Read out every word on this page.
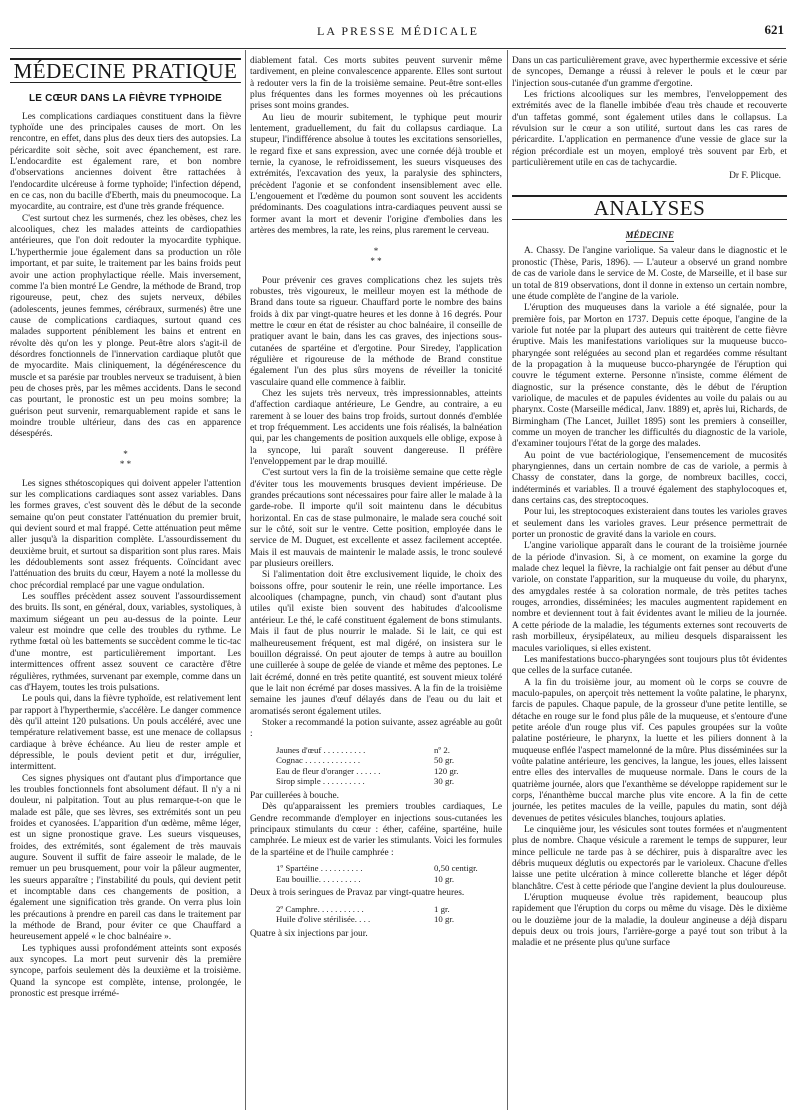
LA PRESSE MÉDICALE	621
MÉDECINE PRATIQUE
LE CŒUR DANS LA FIÈVRE TYPHOIDE

Les complications cardiaques constituent dans la fièvre typhoïde une des principales causes de mort. On les rencontre, en effet, dans plus des deux tiers des autopsies. La péricardite soit sèche, soit avec épanchement, est rare. L'endocardite est également rare, et bon nombre d'observations anciennes doivent être rattachées à l'endocardite ulcéreuse à forme typhoïde; l'infection dépend, en ce cas, non du bacille d'Eberth, mais du pneumocoque. La myocardite, au contraire, est d'une très grande fréquence.

C'est surtout chez les surmenés, chez les obèses, chez les alcooliques, chez les malades atteints de cardiopathies antérieures, que l'on doit redouter la myocardite typhique. L'hyperthermie joue également dans sa production un rôle important, et par suite, le traitement par les bains froids peut avoir une action prophylactique réelle. Mais inversement, comme l'a bien montré Le Gendre, la méthode de Brand, trop rigoureuse, peut, chez des sujets nerveux, débiles (adolescents, jeunes femmes, cérébraux, surmenés) être une cause de complications cardiaques, surtout quand ces malades supportent péniblement les bains et entrent en révolte dès qu'on les y plonge. Peut-être alors s'agit-il de désordres fonctionnels de l'innervation cardiaque plutôt que de myocardite. Mais cliniquement, la dégénérescence du muscle et sa parésie par troubles nerveux se traduisent, à bien peu de choses près, par les mêmes accidents. Dans le second cas pourtant, le pronostic est un peu moins sombre; la guérison peut survenir, remarquablement rapide et sans le moindre trouble ultérieur, dans des cas en apparence désespérés.

*
* *

Les signes sthétoscopiques qui doivent appeler l'attention sur les complications cardiaques sont assez variables. Dans les formes graves, c'est souvent dès le début de la seconde semaine qu'on peut constater l'atténuation du premier bruit, qui devient sourd et mal frappé. Cette atténuation peut même aller jusqu'à la disparition complète. L'assourdissement du deuxième bruit, et surtout sa disparition sont plus rares. Mais les dédoublements sont assez fréquents. Coïncidant avec l'atténuation des bruits du cœur, Hayem a noté la mollesse du choc précordial remplacé par une vague ondulation.

Les souffles précèdent assez souvent l'assourdissement des bruits. Ils sont, en général, doux, variables, systoliques, à maximum siégeant un peu au-dessus de la pointe. Leur valeur est moindre que celle des troubles du rythme. Le rythme fœtal où les battements se succèdent comme le tic-tac d'une montre, est particulièrement important. Les intermittences offrent assez souvent ce caractère d'être régulières, rythmées, survenant par exemple, comme dans un cas d'Hayem, toutes les trois pulsations.

Le pouls qui, dans la fièvre typhoïde, est relativement lent par rapport à l'hyperthermie, s'accélère. Le danger commence dès qu'il atteint 120 pulsations. Un pouls accéléré, avec une température relativement basse, est une menace de collapsus cardiaque à brève échéance. Au lieu de rester ample et dépressible, le pouls devient petit et dur, irrégulier, intermittent.

Ces signes physiques ont d'autant plus d'importance que les troubles fonctionnels font absolument défaut. Il n'y a ni douleur, ni palpitation. Tout au plus remarque-t-on que le malade est pâle, que ses lèvres, ses extrémités sont un peu froides et cyanosées. L'apparition d'un œdème, même léger, est un signe pronostique grave. Les sueurs visqueuses, froides, des extrémités, sont également de très mauvais augure. Souvent il suffit de faire asseoir le malade, de le remuer un peu brusquement, pour voir la pâleur augmenter, les sueurs apparaître ; l'instabilité du pouls, qui devient petit et incomptable dans ces changements de position, a également une signification très grande. On verra plus loin les précautions à prendre en pareil cas dans le traitement par la méthode de Brand, pour éviter ce que Chauffard a heureusement appelé « le choc balnéaire ».

Les typhiques aussi profondément atteints sont exposés aux syncopes. La mort peut survenir dès la première syncope, parfois seulement dès la deuxième et la troisième. Quand la syncope est complète, intense, prolongée, le pronostic est presque irrémé-

diablement fatal. Ces morts subites peuvent survenir même tardivement, en pleine convalescence apparente. Elles sont surtout à redouter vers la fin de la troisième semaine. Peut-être sont-elles plus fréquentes dans les formes moyennes où les précautions prises sont moins grandes.

Au lieu de mourir subitement, le typhique peut mourir lentement, graduellement, du fait du collapsus cardiaque. La stupeur, l'indifférence absolue à toutes les excitations sensorielles, le regard fixe et sans expression, avec une cornée déjà trouble et ternie, la cyanose, le refroidissement, les sueurs visqueuses des extrémités, l'excavation des yeux, la paralysie des sphincters, précèdent l'agonie et se confondent insensiblement avec elle. L'engouement et l'œdème du poumon sont souvent les accidents prédominants. Des coagulations intra-cardiaques peuvent aussi se former avant la mort et devenir l'origine d'embolies dans les artères des membres, la rate, les reins, plus rarement le cerveau.

*
* *

Pour prévenir ces graves complications chez les sujets très robustes, très vigoureux, le meilleur moyen est la méthode de Brand dans toute sa rigueur. Chauffard porte le nombre des bains froids à dix par vingt-quatre heures et les donne à 16 degrés. Pour mettre le cœur en état de résister au choc balnéaire, il conseille de pratiquer avant le bain, dans les cas graves, des injections sous-cutanées de spartéine et d'ergotine. Pour Siredey, l'application régulière et rigoureuse de la méthode de Brand constitue également l'un des plus sûrs moyens de réveiller la tonicité vasculaire quand elle commence à faiblir.

Chez les sujets très nerveux, très impressionnables, atteints d'affection cardiaque antérieure, Le Gendre, au contraire, a eu rarement à se louer des bains trop froids, surtout donnés d'emblée et trop fréquemment. Les accidents une fois réalisés, la balnéation qui, par les changements de position auxquels elle oblige, expose à la syncope, lui paraît souvent dangereuse. Il préfère l'enveloppement par le drap mouillé.

C'est surtout vers la fin de la troisième semaine que cette règle d'éviter tous les mouvements brusques devient impérieuse. De grandes précautions sont nécessaires pour faire aller le malade à la garde-robe. Il importe qu'il soit maintenu dans le décubitus horizontal. En cas de stase pulmonaire, le malade sera couché soit sur le côté, soit sur le ventre. Cette position, employée dans le service de M. Duguet, est excellente et assez facilement acceptée. Mais il est mauvais de maintenir le malade assis, le tronc soulevé par plusieurs oreillers.

Si l'alimentation doit être exclusivement liquide, le choix des boissons offre, pour soutenir le rein, une réelle importance. Les alcooliques (champagne, punch, vin chaud) sont d'autant plus utiles qu'il existe bien souvent des habitudes d'alcoolisme antérieur. Le thé, le café constituent également de bons stimulants. Mais il faut de plus nourrir le malade. Si le lait, ce qui est malheureusement fréquent, est mal digéré, on insistera sur le bouillon dégraissé. On peut ajouter de temps à autre au bouillon une cuillerée à soupe de gelée de viande et même des peptones. Le lait écrémé, donné en très petite quantité, est souvent mieux toléré que le lait non écrémé par doses massives. A la fin de la troisième semaine les jaunes d'œuf délayés dans de l'eau ou du lait et aromatisés seront également utiles.

Stoker a recommandé la potion suivante, assez agréable au goût :

Jaunes d'œuf . . . . . . . . . .	nº 2.
Cognac . . . . . . . . . . . . .	50 gr.
Eau de fleur d'oranger . . . . . .	120 gr.
Sirop simple . . . . . . . . . .	30 gr.

Par cuillerées à bouche.

Dès qu'apparaissent les premiers troubles cardiaques, Le Gendre recommande d'employer en injections sous-cutanées les principaux stimulants du cœur : éther, caféine, spartéine, huile camphrée. Le mieux est de varier les stimulants. Voici les formules de la spartéine et de l'huile camphrée :

1º Spartéine . . . . . . . . . .	0,50 centigr.
Eau bouillie. . . . . . . . . .	10 gr.

Deux à trois seringues de Pravaz par vingt-quatre heures.

2º Camphre. . . . . . . . . . .	1 gr.
Huile d'olive stérilisée. . . .	10 gr.

Quatre à six injections par jour.

Dans un cas particulièrement grave, avec hyperthermie excessive et série de syncopes, Demange a réussi à relever le pouls et le cœur par l'injection sous-cutanée d'un gramme d'ergotine.

Les frictions alcooliques sur les membres, l'enveloppement des extrémités avec de la flanelle imbibée d'eau très chaude et recouverte d'un taffetas gommé, sont également utiles dans le collapsus. La révulsion sur le cœur a son utilité, surtout dans les cas rares de péricardite. L'application en permanence d'une vessie de glace sur la région précordiale est un moyen, employé très souvent par Erb, et particulièrement utile en cas de tachycardie.

Dr F. Plicque.
ANALYSES
MÉDECINE

A. Chassy. De l'angine variolique. Sa valeur dans le diagnostic et le pronostic (Thèse, Paris, 1896). — L'auteur a observé un grand nombre de cas de variole dans le service de M. Coste, de Marseille, et il base sur un total de 819 observations, dont il donne in extenso un certain nombre, une étude complète de l'angine de la variole.

L'éruption des muqueuses dans la variole a été signalée, pour la première fois, par Morton en 1737. Depuis cette époque, l'angine de la variole fut notée par la plupart des auteurs qui traitèrent de cette fièvre éruptive. Mais les manifestations varioliques sur la muqueuse bucco-pharyngée sont reléguées au second plan et regardées comme résultant de la propagation à la muqueuse bucco-pharyngée de l'éruption qui couvre le tégument externe. Personne n'insiste, comme élément de diagnostic, sur la présence constante, dès le début de l'éruption variolique, de macules et de papules évidentes au voile du palais ou au pharynx. Coste (Marseille médical, Janv. 1889) et, après lui, Richards, de Birmingham (The Lancet, Juillet 1895) sont les premiers à conseiller, comme un moyen de trancher les difficultés du diagnostic de la variole, d'examiner toujours l'état de la gorge des malades.

Au point de vue bactériologique, l'ensemencement de mucosités pharyngiennes, dans un certain nombre de cas de variole, a permis à Chassy de constater, dans la gorge, de nombreux bacilles, cocci, indéterminés et variables. Il a trouvé également des staphylocoques et, dans certains cas, des streptocoques.

Pour lui, les streptocoques existeraient dans toutes les varioles graves et seulement dans les varioles graves. Leur présence permettrait de porter un pronostic de gravité dans la variole en cours.

L'angine variolique apparaît dans le courant de la troisième journée de la période d'invasion. Si, à ce moment, on examine la gorge du malade chez lequel la fièvre, la rachialgie ont fait penser au début d'une variole, on constate l'apparition, sur la muqueuse du voile, du pharynx, des amygdales restée à sa coloration normale, de très petites taches rouges, arrondies, disséminées; les macules augmentent rapidement en nombre et deviennent tout à fait évidentes avant le milieu de la journée. A cette période de la maladie, les téguments externes sont recouverts de rash morbilleux, érysipélateux, au milieu desquels disparaissent les macules varioliques, si elles existent.

Les manifestations bucco-pharyngées sont toujours plus tôt évidentes que celles de la surface cutanée.

A la fin du troisième jour, au moment où le corps se couvre de maculo-papules, on aperçoit très nettement la voûte palatine, le pharynx, farcis de papules. Chaque papule, de la grosseur d'une petite lentille, se détache en rouge sur le fond plus pâle de la muqueuse, et s'entoure d'une petite aréole d'un rouge plus vif. Ces papules groupées sur la voûte palatine postérieure, le pharynx, la luette et les piliers donnent à la muqueuse enflée l'aspect mamelonné de la mûre. Plus disséminées sur la voûte palatine antérieure, les gencives, la langue, les joues, elles laissent entre elles des intervalles de muqueuse normale. Dans le cours de la quatrième journée, alors que l'exanthème se développe rapidement sur le corps, l'énanthème buccal marche plus vite encore. A la fin de cette journée, les petites macules de la veille, papules du matin, sont déjà devenues de petites vésicules blanches, toujours aplaties.

Le cinquième jour, les vésicules sont toutes formées et n'augmentent plus de nombre. Chaque vésicule a rarement le temps de suppurer, leur mince pellicule ne tarde pas à se déchirer, puis à disparaître avec les débris muqueux déglutis ou expectorés par le varioleux. Chacune d'elles laisse une petite ulcération à mince collerette blanche et léger dépôt blanchâtre. C'est à cette période que l'angine devient la plus douloureuse.

L'éruption muqueuse évolue très rapidement, beaucoup plus rapidement que l'éruption du corps ou même du visage. Dès le dixième ou le douzième jour de la maladie, la douleur angineuse a déjà disparu depuis deux ou trois jours, l'arrière-gorge a payé tout son tribut à la maladie et ne présente plus qu'une surface
